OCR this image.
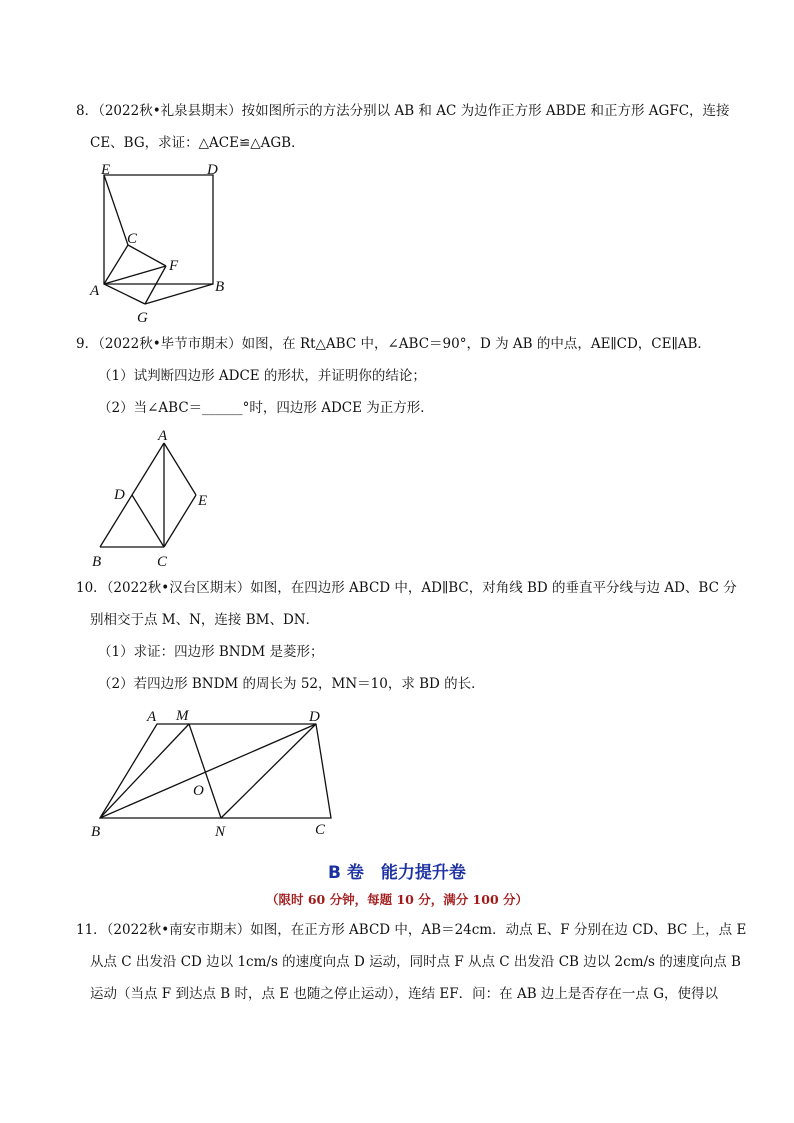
8．（2022秋•礼泉县期末）按如图所示的方法分别以 AB 和 AC 为边作正方形 ABDE 和正方形 AGFC，连接
CE、BG，求证：△ACE≌△AGB．
E	D
C
F
A	B
G
9．（2022秋•毕节市期末）如图，在 Rt△ABC 中，∠ABC＝90°，D 为 AB 的中点，AE∥CD，CE∥AB．
（1）试判断四边形 ADCE 的形状，并证明你的结论；
（2）当∠ABC＝______°时，四边形 ADCE 为正方形．
A
D	E
B	C
10．（2022秋•汉台区期末）如图，在四边形 ABCD 中，AD∥BC，对角线 BD 的垂直平分线与边 AD、BC 分
别相交于点 M、N，连接 BM、DN．
（1）求证：四边形 BNDM 是菱形；
（2）若四边形 BNDM 的周长为 52，MN＝10，求 BD 的长．
A M	D
O
B	N	C
B 卷　能力提升卷
（限时 60 分钟，每题 10 分，满分 100 分）
11．（2022秋•南安市期末）如图，在正方形 ABCD 中，AB＝24cm．动点 E、F 分别在边 CD、BC 上，点 E
从点 C 出发沿 CD 边以 1cm/s 的速度向点 D 运动，同时点 F 从点 C 出发沿 CB 边以 2cm/s 的速度向点 B
运动（当点 F 到达点 B 时，点 E 也随之停止运动），连结 EF．问：在 AB 边上是否存在一点 G，使得以
